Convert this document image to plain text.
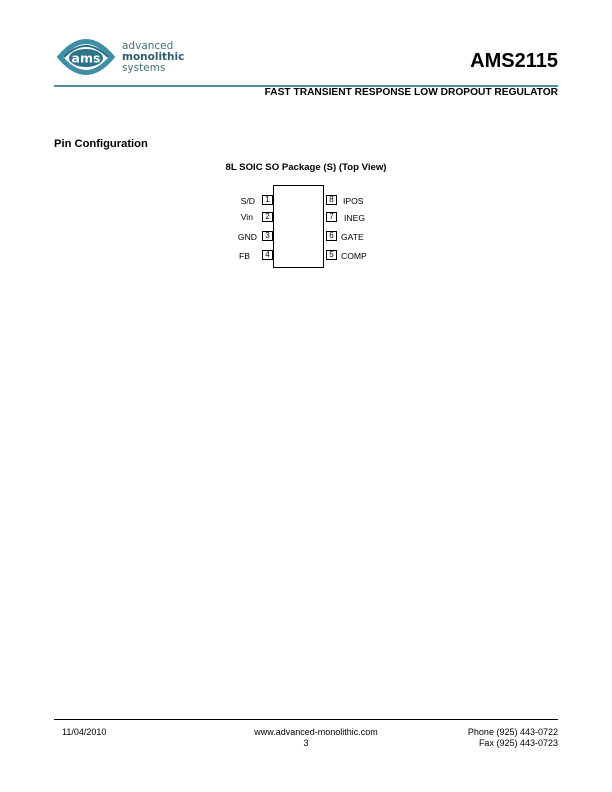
ams
advanced
monolithic
systems	AMS2115
FAST TRANSIENT RESPONSE LOW DROPOUT REGULATOR
Pin Configuration
8L SOIC SO Package (S) (Top View)
S/D	1
Vin	2
GND	3
FB	4
8	IPOS
7	INEG
6 GATE
5 COMP
11/04/2010	www.advanced-monolithic.com
3
Phone (925) 443-0722
Fax (925) 443-0723
